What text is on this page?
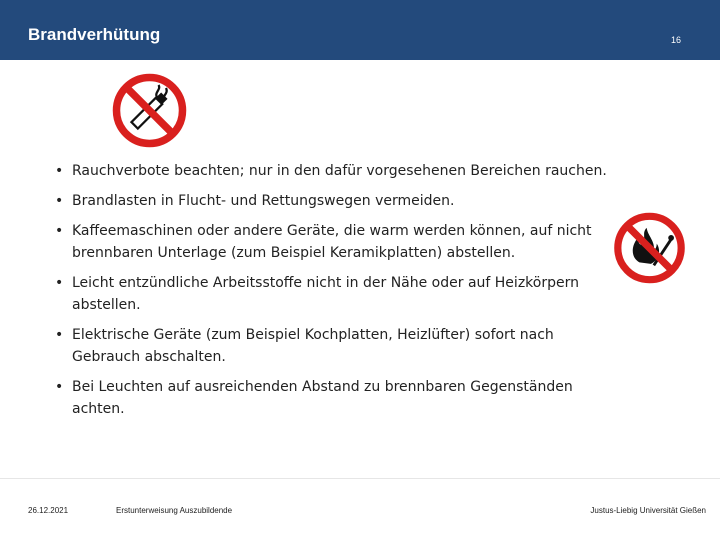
Brandverhütung	16
• Rauchverbote beachten; nur in den dafür vorgesehenen Bereichen rauchen.
• Brandlasten in Flucht- und Rettungswegen vermeiden.
• Kaffeemaschinen oder andere Geräte, die warm werden können, auf nicht brennbaren Unterlage (zum Beispiel Keramikplatten) abstellen.
• Leicht entzündliche Arbeitsstoffe nicht in der Nähe oder auf Heizkörpern abstellen.
• Elektrische Geräte (zum Beispiel Kochplatten, Heizlüfter) sofort nach Gebrauch abschalten.
• Bei Leuchten auf ausreichenden Abstand zu brennbaren Gegenständen achten.
26.12.2021	Erstunterweisung Auszubildende	Justus-Liebig Universität Gießen
